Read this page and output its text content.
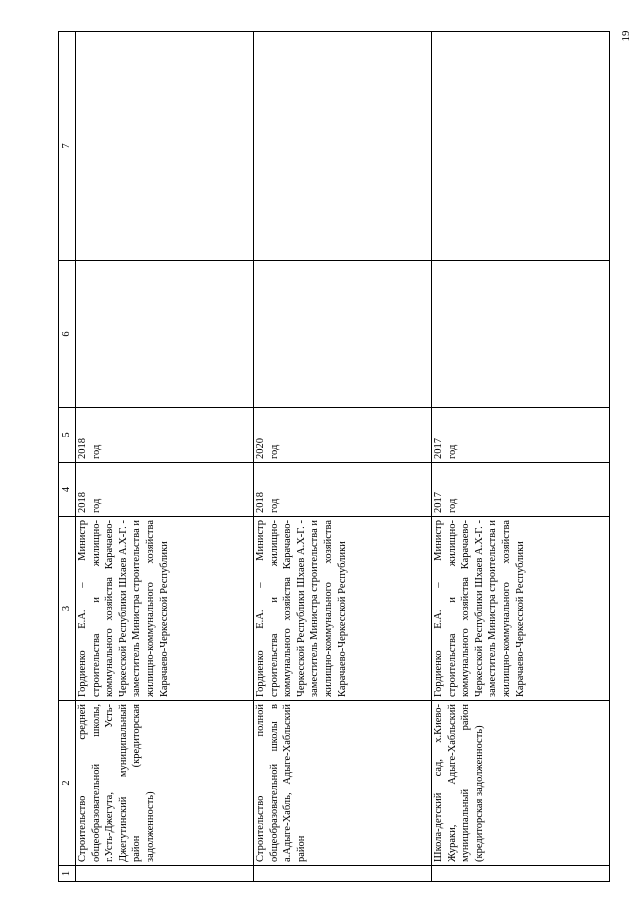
19
1	2	3	4	5	6	7
	Строительство средней общеобразовательной школы, г.Усть-Джегута, Усть-Джегутинский муниципальный район (кредиторская задолженность)	Гордиенко Е.А. – Министр строительства и жилищно-коммунального хозяйства Карачаево-Черкесской Республики Шхаев А.Х-Г. - заместитель Министра строительства и жилищно-коммунального хозяйства Карачаево-Черкесской Республики	2018 год	2018 год		

	Строительство полной общеобразовательной школы в а.Адыге-Хабль, Адыге-Хабльский район	Гордиенко Е.А. – Министр строительства и жилищно-коммунального хозяйства Карачаево-Черкесской Республики Шхаев А.Х-Г. - заместитель Министра строительства и жилищно-коммунального хозяйства Карачаево-Черкесской Республики	2018 год	2020 год		

	Школа-детский сад, х.Киево-Жураки, Адыге-Хабльский муниципальный район (кредиторская задолженность)	Гордиенко Е.А. – Министр строительства и жилищно-коммунального хозяйства Карачаево-Черкесской Республики Шхаев А.Х-Г. - заместитель Министра строительства и жилищно-коммунального хозяйства Карачаево-Черкесской Республики	2017 год	2017 год		
